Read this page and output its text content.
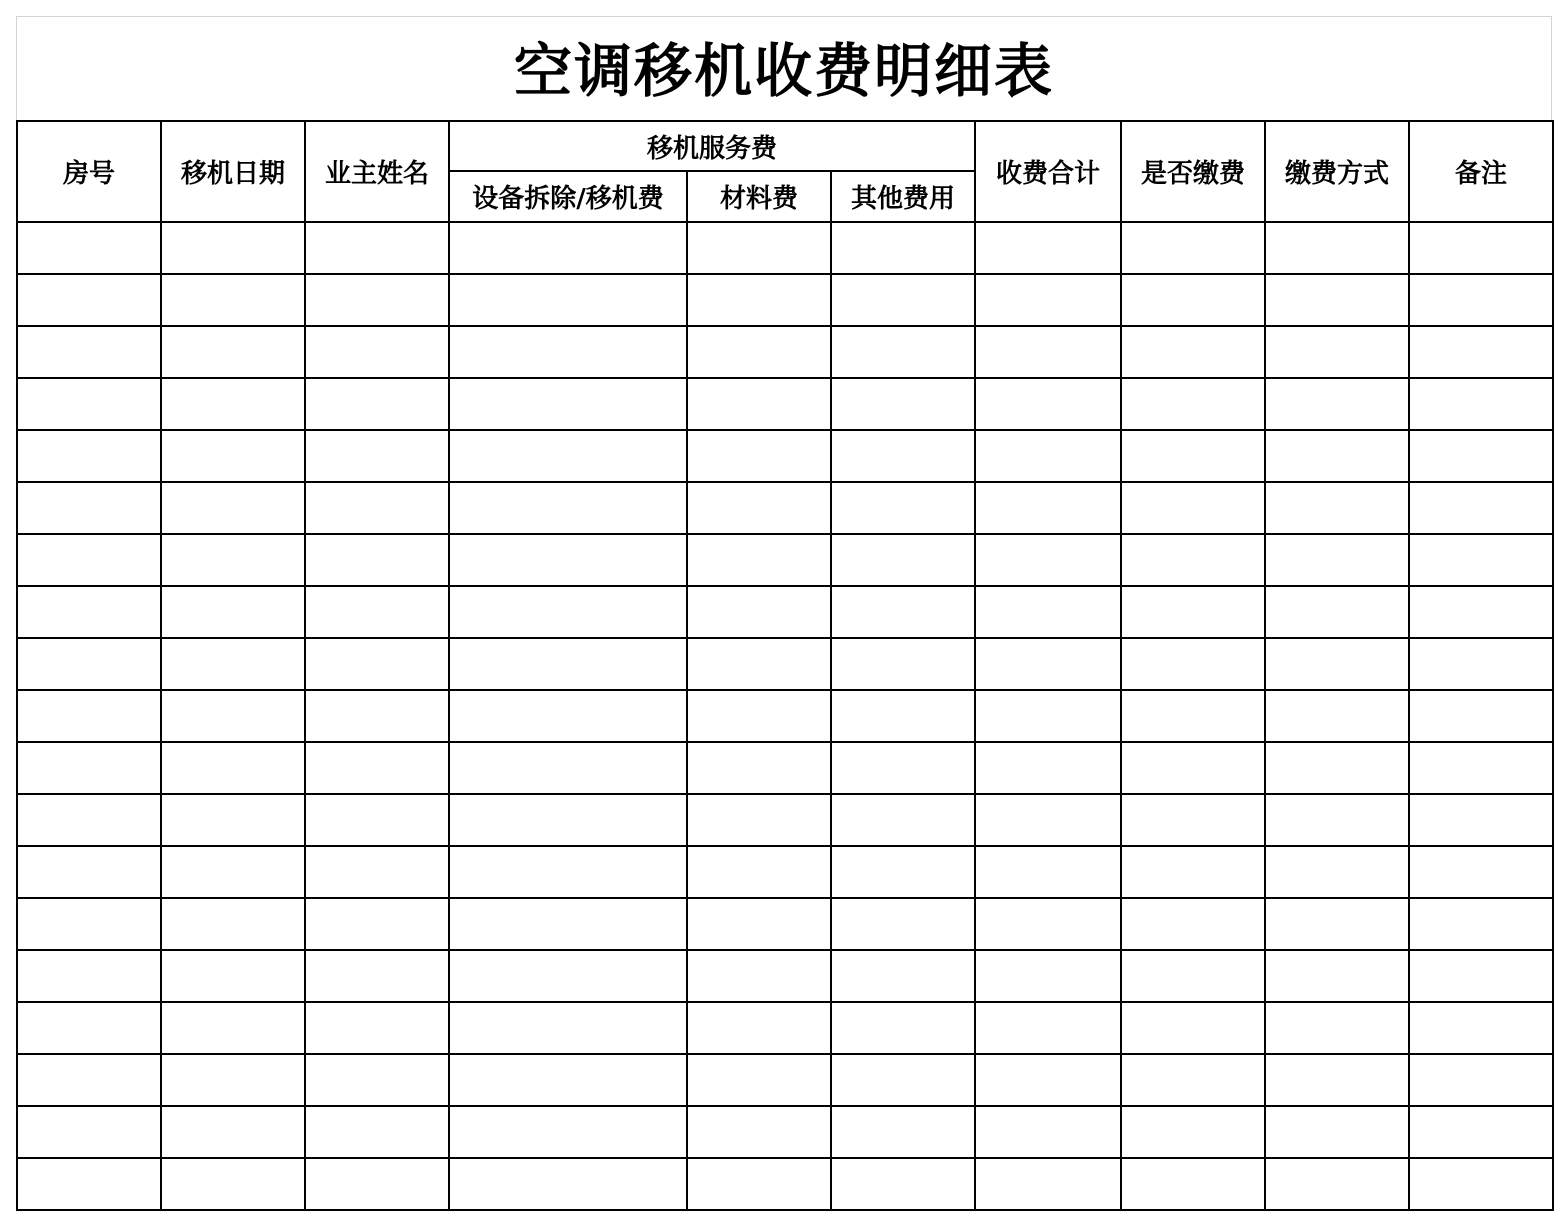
空调移机收费明细表
房号	移机日期	业主姓名	移机服务费			收费合计	是否缴费	缴费方式	备注
			设备拆除/移机费	材料费	其他费用				
